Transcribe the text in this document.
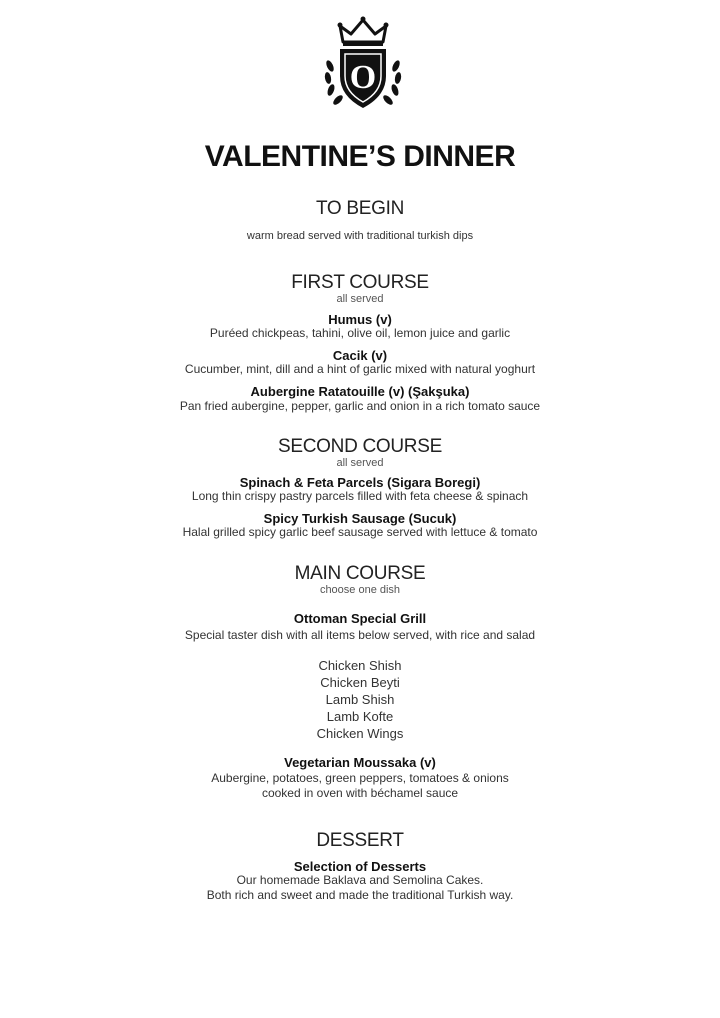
O
VALENTINE’S DINNER
TO BEGIN
warm bread served with traditional turkish dips
FIRST COURSE
all served
Humus (v)
Puréed chickpeas, tahini, olive oil, lemon juice and garlic
Cacik (v)
Cucumber, mint, dill and a hint of garlic mixed with natural yoghurt
Aubergine Ratatouille (v) (Şakşuka)
Pan fried aubergine, pepper, garlic and onion in a rich tomato sauce
SECOND COURSE
all served
Spinach & Feta Parcels (Sigara Boregi)
Long thin crispy pastry parcels filled with feta cheese & spinach
Spicy Turkish Sausage (Sucuk)
Halal grilled spicy garlic beef sausage served with lettuce & tomato
MAIN COURSE
choose one dish
Ottoman Special Grill
Special taster dish with all items below served, with rice and salad
Chicken Shish
Chicken Beyti
Lamb Shish
Lamb Kofte
Chicken Wings
Vegetarian Moussaka (v)
Aubergine, potatoes, green peppers, tomatoes & onions
cooked in oven with béchamel sauce
DESSERT
Selection of Desserts
Our homemade Baklava and Semolina Cakes.
Both rich and sweet and made the traditional Turkish way.
